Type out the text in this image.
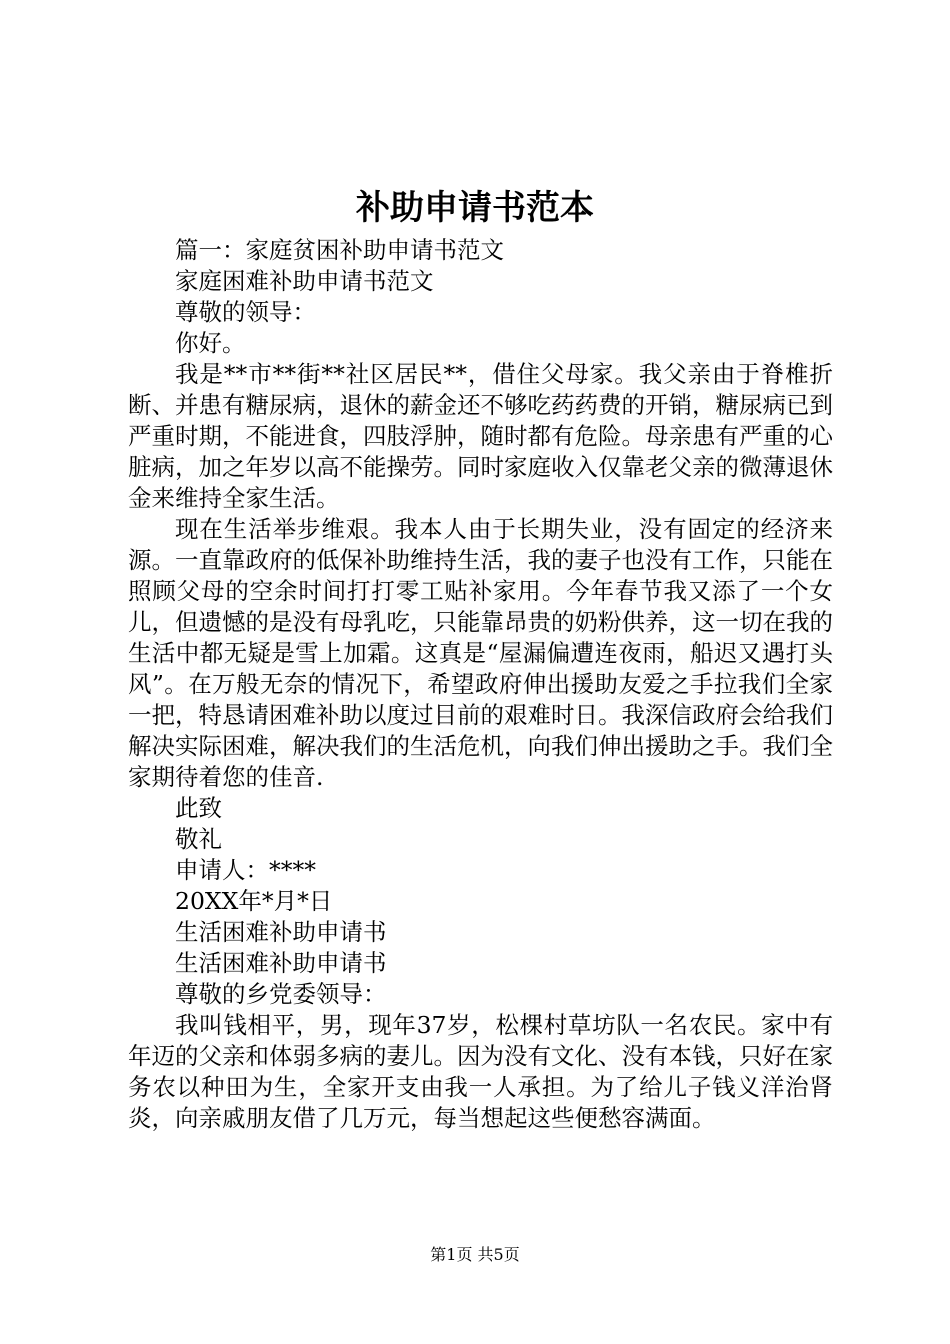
补助申请书范本

篇一：家庭贫困补助申请书范文

家庭困难补助申请书范文

尊敬的领导：

你好。

我是**市**街**社区居民**，借住父母家。我父亲由于脊椎折断、并患有糖尿病，退休的薪金还不够吃药药费的开销，糖尿病已到严重时期，不能进食，四肢浮肿，随时都有危险。母亲患有严重的心脏病，加之年岁以高不能操劳。同时家庭收入仅靠老父亲的微薄退休金来维持全家生活。

现在生活举步维艰。我本人由于长期失业，没有固定的经济来源。一直靠政府的低保补助维持生活，我的妻子也没有工作，只能在照顾父母的空余时间打打零工贴补家用。今年春节我又添了一个女儿，但遗憾的是没有母乳吃，只能靠昂贵的奶粉供养，这一切在我的生活中都无疑是雪上加霜。这真是“屋漏偏遭连夜雨，船迟又遇打头风”。在万般无奈的情况下，希望政府伸出援助友爱之手拉我们全家一把，特恳请困难补助以度过目前的艰难时日。我深信政府会给我们解决实际困难，解决我们的生活危机，向我们伸出援助之手。我们全家期待着您的佳音.

此致

敬礼

申请人：****

20XX年*月*日

生活困难补助申请书

生活困难补助申请书

尊敬的乡党委领导：

我叫钱相平，男，现年37岁，松棵村草坊队一名农民。家中有年迈的父亲和体弱多病的妻儿。因为没有文化、没有本钱，只好在家务农以种田为生，全家开支由我一人承担。为了给儿子钱义洋治肾炎，向亲戚朋友借了几万元，每当想起这些便愁容满面。

第1页 共5页
